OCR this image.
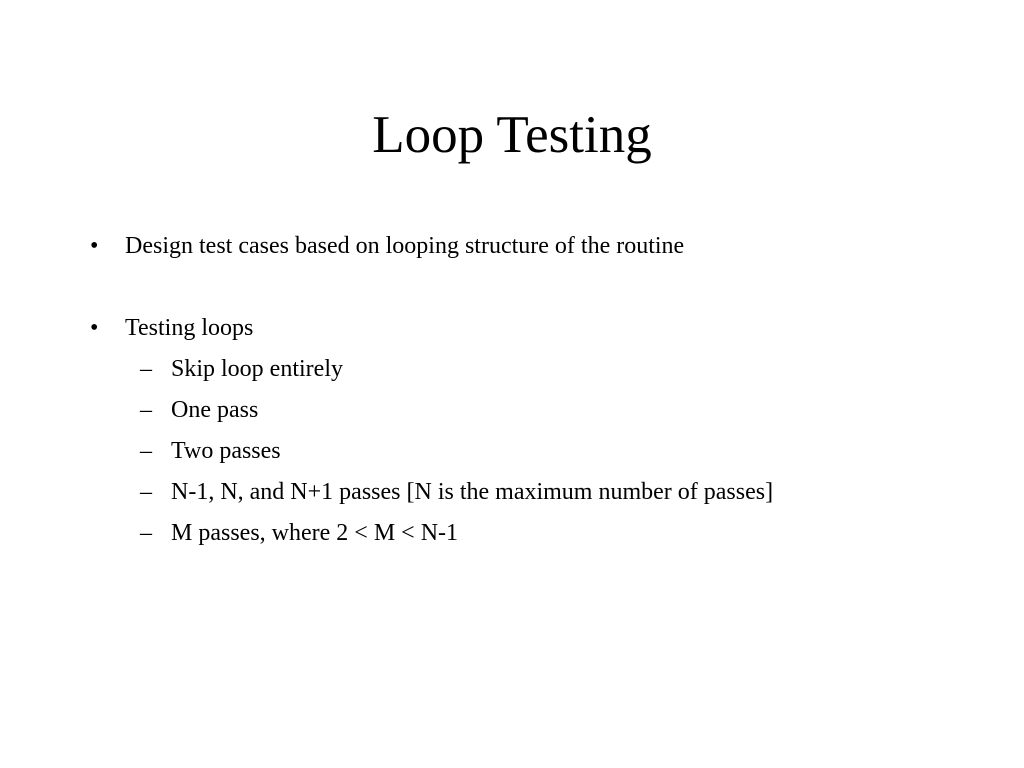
Loop Testing
• Design test cases based on looping structure of the routine
• Testing loops
– Skip loop entirely
– One pass
– Two passes
– N-1, N, and N+1 passes [N is the maximum number of passes]
– M passes, where 2 < M < N-1
